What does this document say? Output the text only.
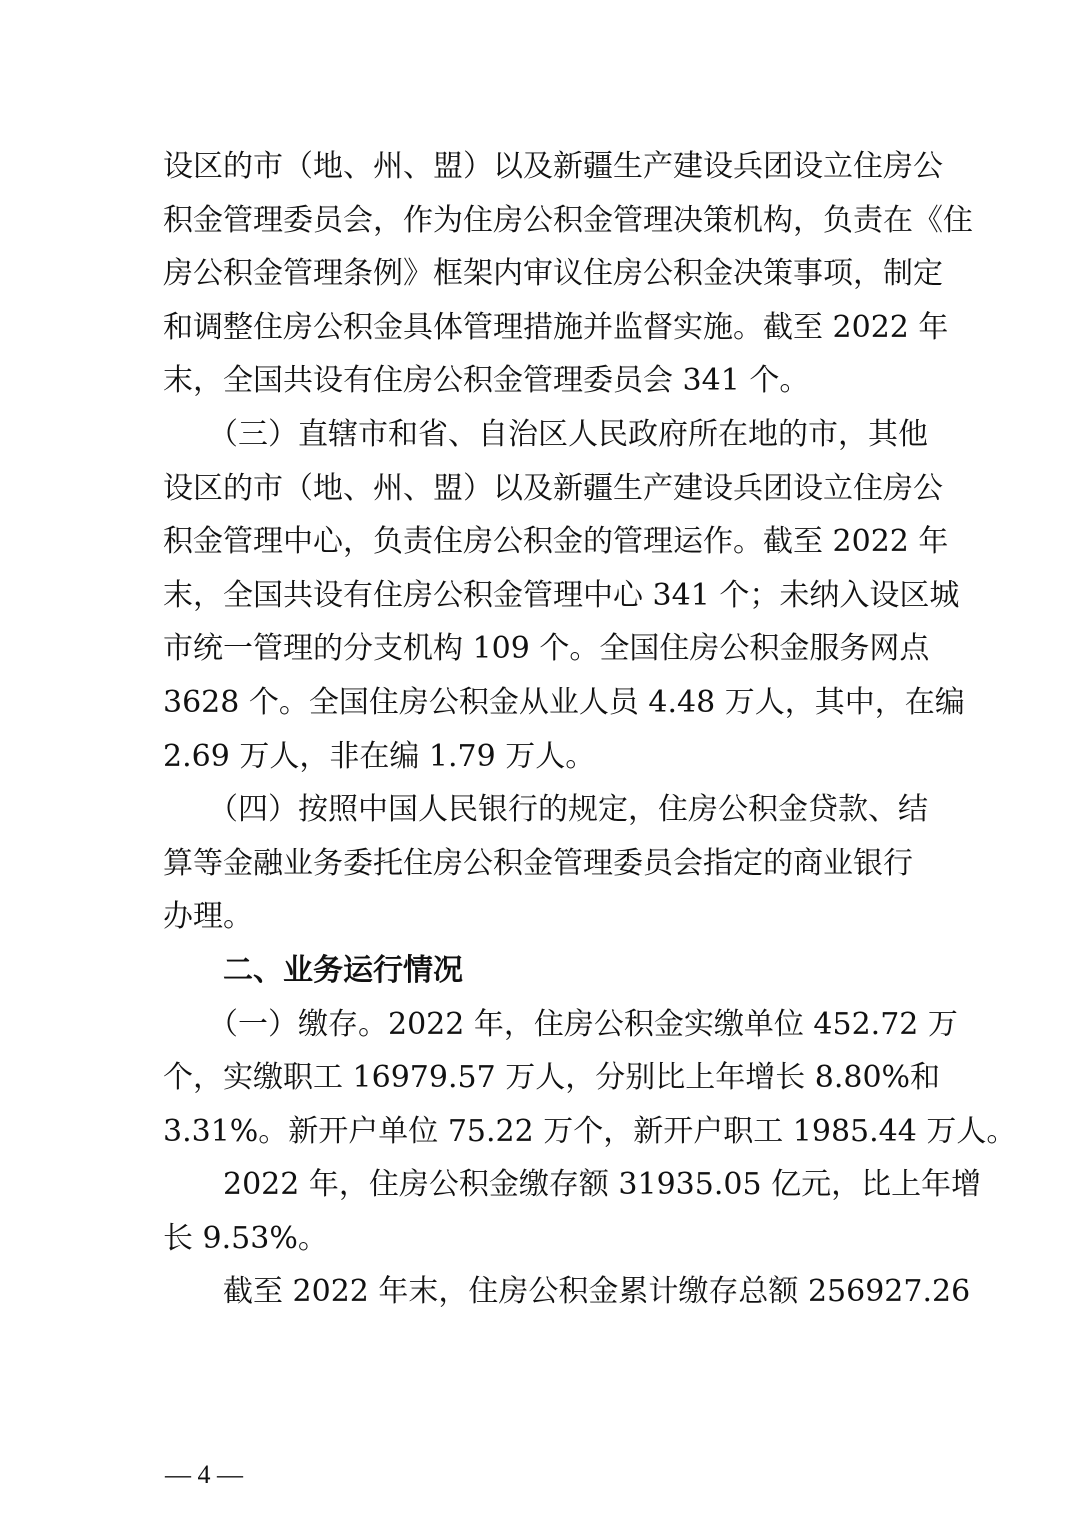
设区的市（地、州、盟）以及新疆生产建设兵团设立住房公
积金管理委员会，作为住房公积金管理决策机构，负责在《住
房公积金管理条例》框架内审议住房公积金决策事项，制定
和调整住房公积金具体管理措施并监督实施。截至 2022 年
末，全国共设有住房公积金管理委员会 341 个。
　　（三）直辖市和省、自治区人民政府所在地的市，其他
设区的市（地、州、盟）以及新疆生产建设兵团设立住房公
积金管理中心，负责住房公积金的管理运作。截至 2022 年
末，全国共设有住房公积金管理中心 341 个；未纳入设区城
市统一管理的分支机构 109 个。全国住房公积金服务网点
3628 个。全国住房公积金从业人员 4.48 万人，其中，在编
2.69 万人，非在编 1.79 万人。
　　（四）按照中国人民银行的规定，住房公积金贷款、结
算等金融业务委托住房公积金管理委员会指定的商业银行
办理。
　　二、业务运行情况
　　（一）缴存。2022 年，住房公积金实缴单位 452.72 万
个，实缴职工 16979.57 万人，分别比上年增长 8.80%和
3.31%。新开户单位 75.22 万个，新开户职工 1985.44 万人。
　　2022 年，住房公积金缴存额 31935.05 亿元，比上年增
长 9.53%。
　　截至 2022 年末，住房公积金累计缴存总额 256927.26
— 4 —
